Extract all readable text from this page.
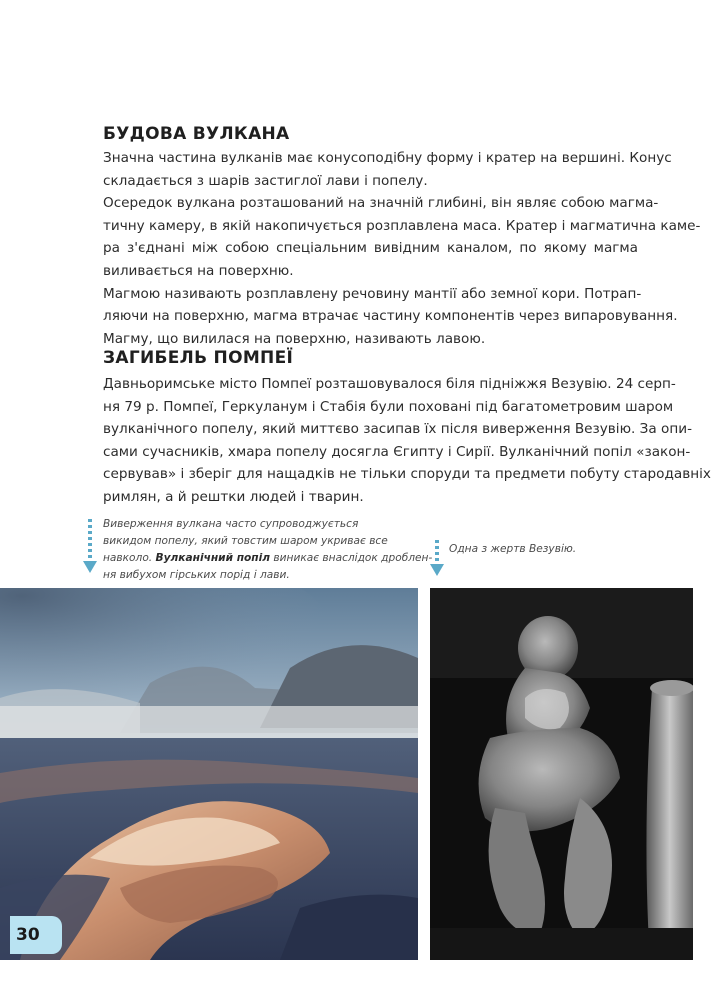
БУДОВА ВУЛКАНА
Значна частина вулканів має конусоподібну форму і кратер на вершині. Конус
складається з шарів застиглої лави і попелу.
Осередок вулкана розташований на значній глибині, він являє собою магма-
тичну камеру, в якій накопичується розплавлена маса. Кратер і магматична каме-
ра з'єднані між собою спеціальним вивідним каналом, по якому магма
виливається на поверхню.
Магмою називають розплавлену речовину мантії або земної кори. Потрап-
ляючи на поверхню, магма втрачає частину компонентів через випаровування.
Магму, що вилилася на поверхню, називають лавою.
ЗАГИБЕЛЬ ПОМПЕЇ
Давньоримське місто Помпеї розташовувалося біля підніжжя Везувію. 24 серп-
ня 79 р. Помпеї, Геркуланум і Стабія були поховані під багатометровим шаром
вулканічного попелу, який миттєво засипав їх після виверження Везувію. За опи-
сами сучасників, хмара попелу досягла Єгипту і Сирії. Вулканічний попіл «закон-
сервував» і зберіг для нащадків не тільки споруди та предмети побуту стародавніх
римлян, а й рештки людей і тварин.
Виверження вулкана часто супроводжується
викидом попелу, який товстим шаром укриває все
навколо. Вулканічний попіл виникає внаслідок дроблен-
ня вибухом гірських порід і лави.
Одна з жертв Везувію.
30
